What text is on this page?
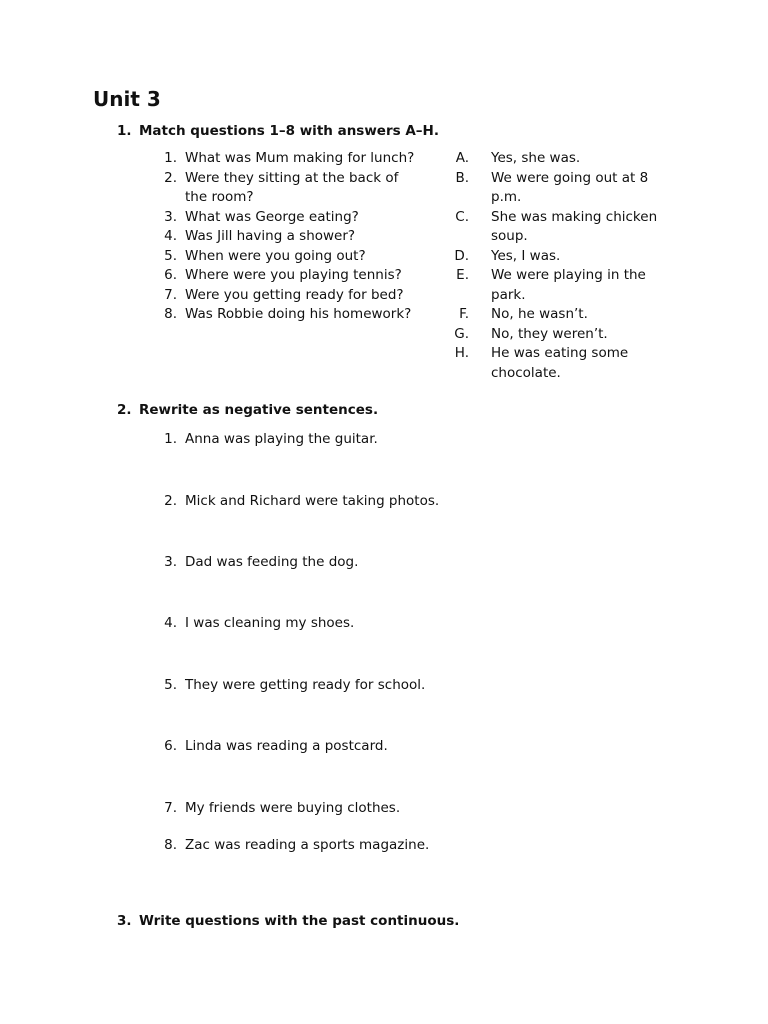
Unit 3
1. Match questions 1–8 with answers A–H.
1. What was Mum making for lunch?
2. Were they sitting at the back of the room?
3. What was George eating?
4. Was Jill having a shower?
5. When were you going out?
6. Where were you playing tennis?
7. Were you getting ready for bed?
8. Was Robbie doing his homework?
A.	Yes, she was.
B.	We were going out at 8 p.m.
C.	She was making chicken soup.
D.	Yes, I was.
E.	We were playing in the park.
F.	No, he wasn’t.
G.	No, they weren’t.
H.	He was eating some chocolate.
2. Rewrite as negative sentences.
1. Anna was playing the guitar.
2. Mick and Richard were taking photos.
3. Dad was feeding the dog.
4. I was cleaning my shoes.
5. They were getting ready for school.
6. Linda was reading a postcard.
7. My friends were buying clothes.
8. Zac was reading a sports magazine.
3. Write questions with the past continuous.
